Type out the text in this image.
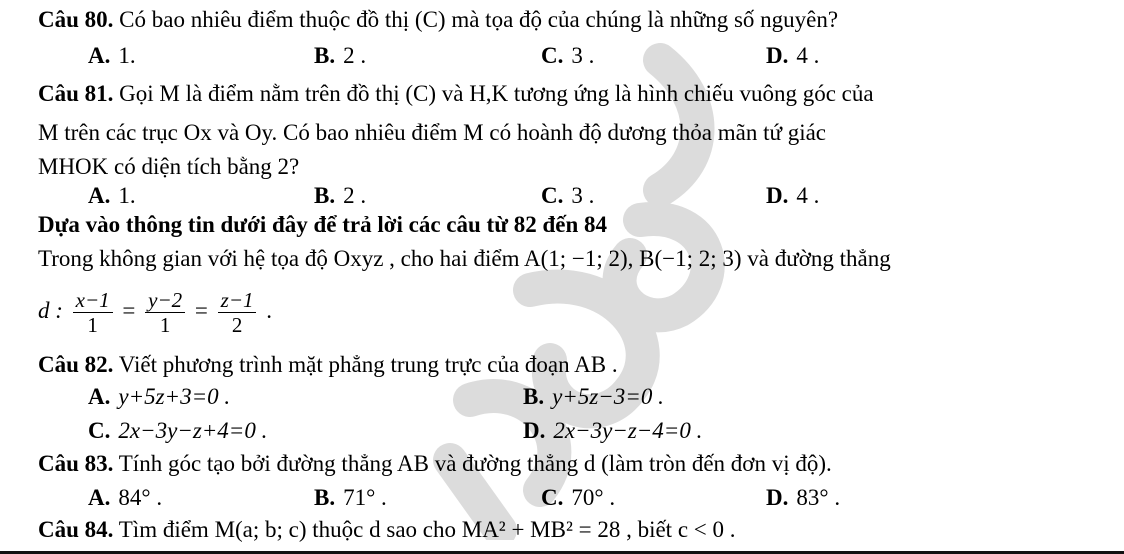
Câu 80. Có bao nhiêu điểm thuộc đồ thị (C) mà tọa độ của chúng là những số nguyên?
A. 1.	B. 2 .	C. 3 .	D. 4 .
Câu 81. Gọi M là điểm nằm trên đồ thị (C) và H,K tương ứng là hình chiếu vuông góc của
M trên các trục Ox và Oy. Có bao nhiêu điểm M có hoành độ dương thỏa mãn tứ giác
MHOK có diện tích bằng 2?
A. 1.	B. 2 .	C. 3 .	D. 4 .
Dựa vào thông tin dưới đây để trả lời các câu từ 82 đến 84
Trong không gian với hệ tọa độ Oxyz , cho hai điểm A(1; −1; 2), B(−1; 2; 3) và đường thẳng
d : $\frac{x-1}{1} = \frac{y-2}{1} = \frac{z-1}{2}$ .
Câu 82. Viết phương trình mặt phẳng trung trực của đoạn AB .
A. y+5z+3=0 .	B. y+5z−3=0 .
C. 2x−3y−z+4=0 .	D. 2x−3y−z−4=0 .
Câu 83. Tính góc tạo bởi đường thẳng AB và đường thẳng d (làm tròn đến đơn vị độ).
A. 84° .	B. 71° .	C. 70° .	D. 83° .
Câu 84. Tìm điểm M(a; b; c) thuộc d sao cho MA² + MB² = 28 , biết c < 0 .
